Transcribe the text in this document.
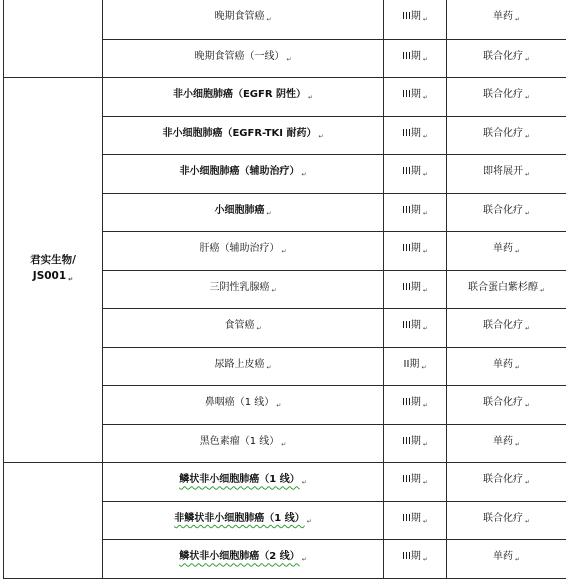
	晚期食管癌 $_↵$	III期 $_↵$	单药 $_↵$
	晚期食管癌（一线） $_↵$	III期 $_↵$	联合化疗 $_↵$

君实生物/
JS001 ↵	非小细胞肺癌（EGFR 阴性） $_↵$	III期 $_↵$	联合化疗 $_↵$
	非小细胞肺癌（EGFR-TKI 耐药） $_↵$	III期 $_↵$	联合化疗 $_↵$
	非小细胞肺癌（辅助治疗） $_↵$	III期 $_↵$	即将展开 $_↵$
	小细胞肺癌 $_↵$	III期 $_↵$	联合化疗 $_↵$
	肝癌（辅助治疗） $_↵$	III期 $_↵$	单药 $_↵$
	三阴性乳腺癌 $_↵$	III期 $_↵$	联合蛋白紫杉醇 $_↵$
	食管癌 $_↵$	III期 $_↵$	联合化疗 $_↵$
	尿路上皮癌 $_↵$	II期 $_↵$	单药 $_↵$
	鼻咽癌（1 线） $_↵$	III期 $_↵$	联合化疗 $_↵$
	黑色素瘤（1 线） $_↵$	III期 $_↵$	单药 $_↵$
	鳞状非小细胞肺癌（1 线） $_↵$	III期 $_↵$	联合化疗 $_↵$
	非鳞状非小细胞肺癌（1 线） $_↵$	III期 $_↵$	联合化疗 $_↵$
	鳞状非小细胞肺癌（2 线） $_↵$	III期 $_↵$	单药 $_↵$
